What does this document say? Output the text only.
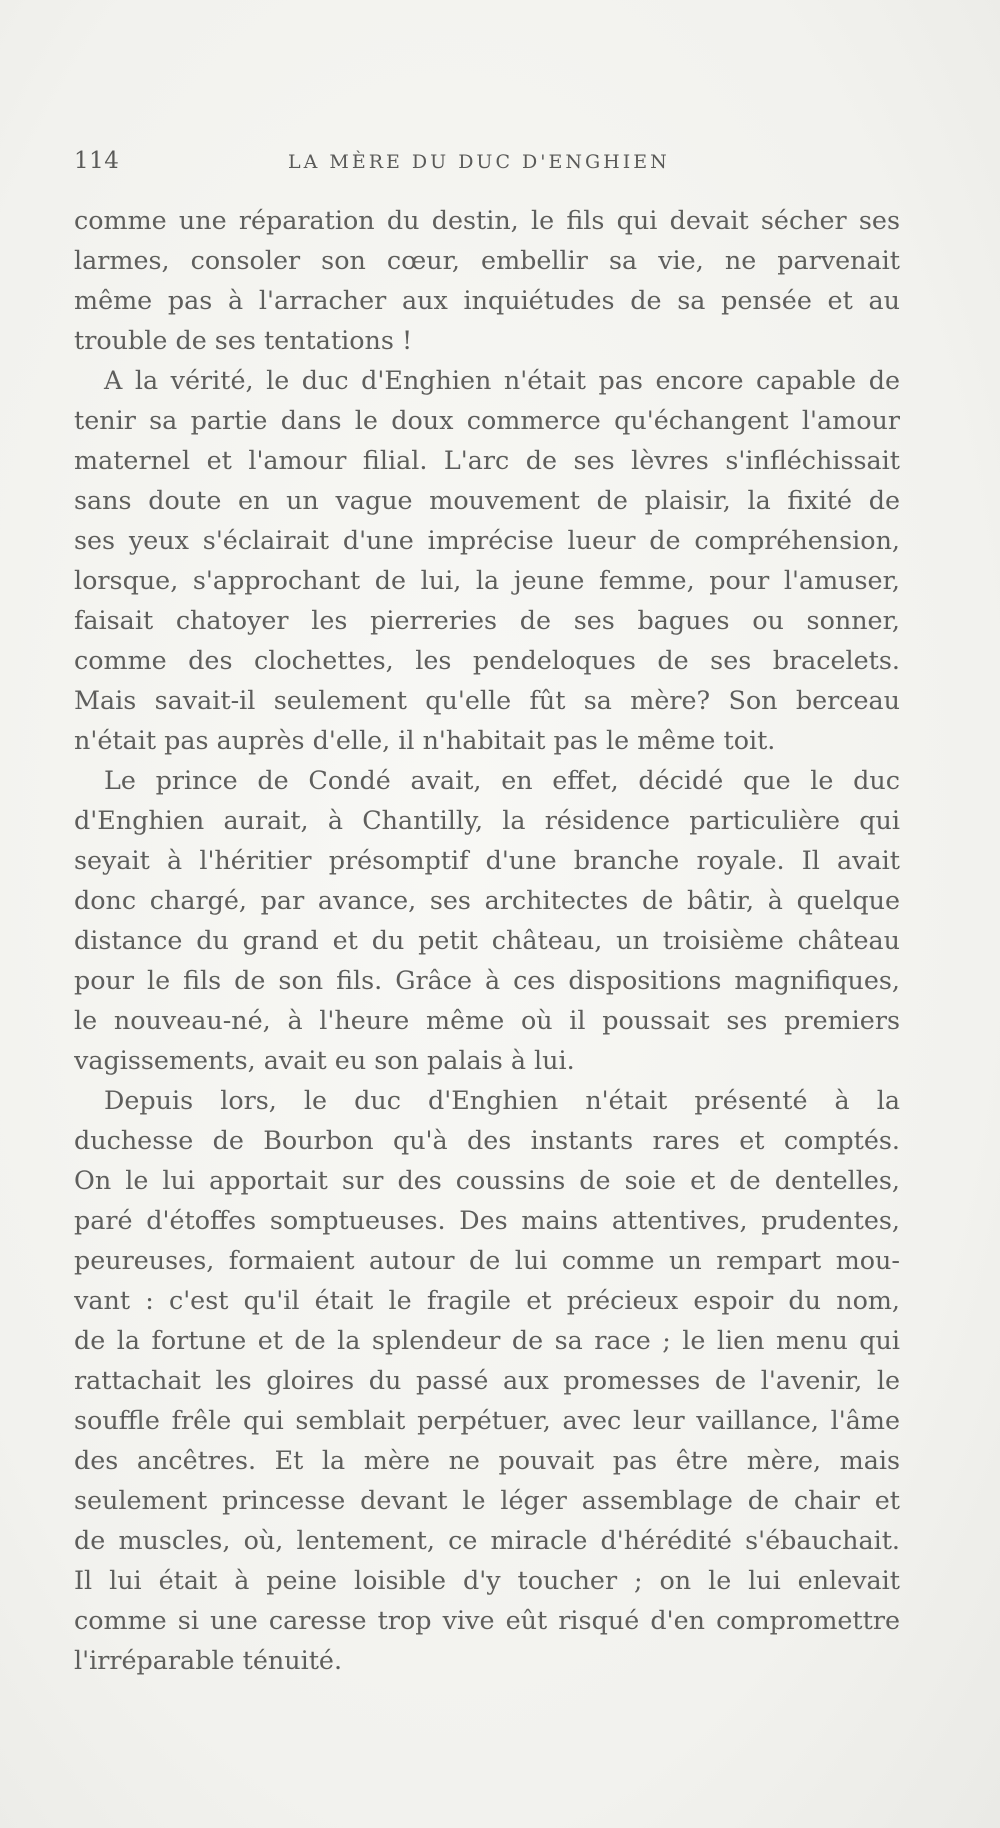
114	LA MÈRE DU DUC D'ENGHIEN
comme une réparation du destin, le fils qui devait sécher ses
larmes, consoler son cœur, embellir sa vie, ne parvenait
même pas à l'arracher aux inquiétudes de sa pensée et au
trouble de ses tentations !
A la vérité, le duc d'Enghien n'était pas encore capable de
tenir sa partie dans le doux commerce qu'échangent l'amour
maternel et l'amour filial. L'arc de ses lèvres s'infléchissait
sans doute en un vague mouvement de plaisir, la fixité de
ses yeux s'éclairait d'une imprécise lueur de compréhension,
lorsque, s'approchant de lui, la jeune femme, pour l'amuser,
faisait chatoyer les pierreries de ses bagues ou sonner,
comme des clochettes, les pendeloques de ses bracelets.
Mais savait-il seulement qu'elle fût sa mère? Son berceau
n'était pas auprès d'elle, il n'habitait pas le même toit.
Le prince de Condé avait, en effet, décidé que le duc
d'Enghien aurait, à Chantilly, la résidence particulière qui
seyait à l'héritier présomptif d'une branche royale. Il avait
donc chargé, par avance, ses architectes de bâtir, à quelque
distance du grand et du petit château, un troisième château
pour le fils de son fils. Grâce à ces dispositions magnifiques,
le nouveau-né, à l'heure même où il poussait ses premiers
vagissements, avait eu son palais à lui.
Depuis lors, le duc d'Enghien n'était présenté à la
duchesse de Bourbon qu'à des instants rares et comptés.
On le lui apportait sur des coussins de soie et de dentelles,
paré d'étoffes somptueuses. Des mains attentives, prudentes,
peureuses, formaient autour de lui comme un rempart mou-
vant : c'est qu'il était le fragile et précieux espoir du nom,
de la fortune et de la splendeur de sa race ; le lien menu qui
rattachait les gloires du passé aux promesses de l'avenir, le
souffle frêle qui semblait perpétuer, avec leur vaillance, l'âme
des ancêtres. Et la mère ne pouvait pas être mère, mais
seulement princesse devant le léger assemblage de chair et
de muscles, où, lentement, ce miracle d'hérédité s'ébauchait.
Il lui était à peine loisible d'y toucher ; on le lui enlevait
comme si une caresse trop vive eût risqué d'en compromettre
l'irréparable ténuité.
